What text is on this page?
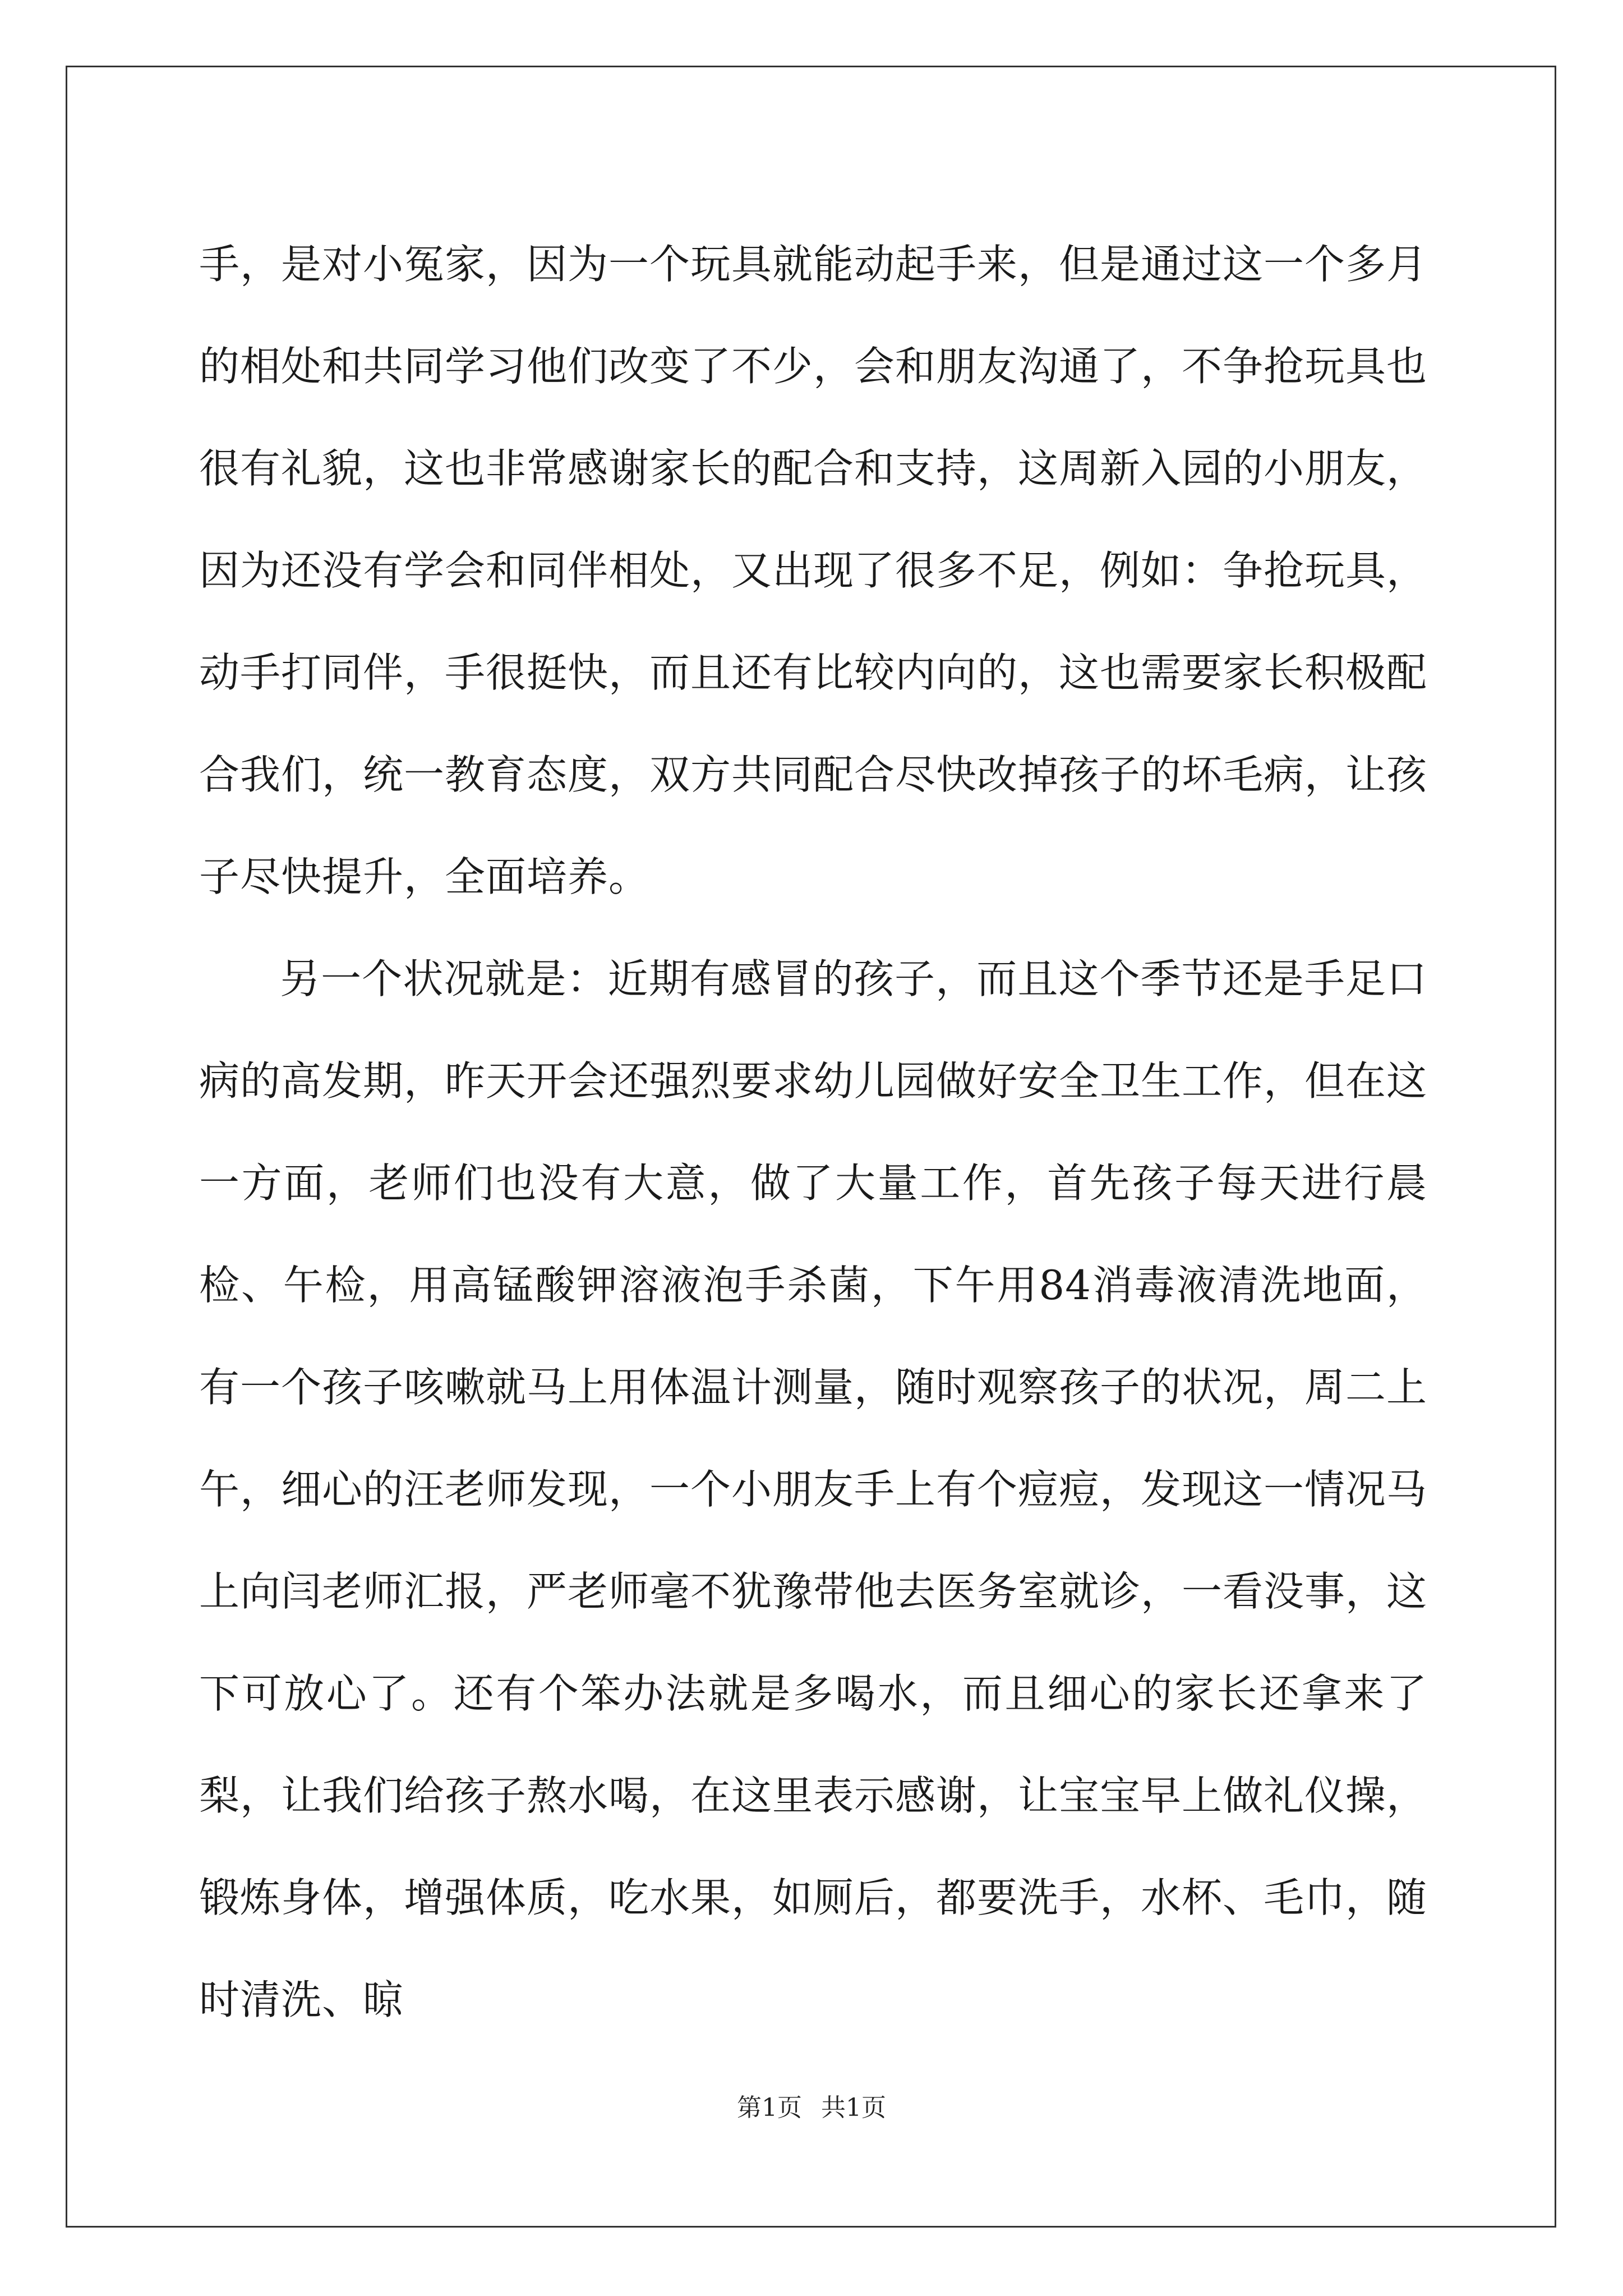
手，是对小冤家，因为一个玩具就能动起手来，但是通过这一个多月的相处和共同学习他们改变了不少，会和朋友沟通了，不争抢玩具也很有礼貌，这也非常感谢家长的配合和支持，这周新入园的小朋友，因为还没有学会和同伴相处，又出现了很多不足，例如：争抢玩具，动手打同伴，手很挺快，而且还有比较内向的，这也需要家长积极配合我们，统一教育态度，双方共同配合尽快改掉孩子的坏毛病，让孩子尽快提升，全面培养。

另一个状况就是：近期有感冒的孩子，而且这个季节还是手足口病的高发期，昨天开会还强烈要求幼儿园做好安全卫生工作，但在这一方面，老师们也没有大意，做了大量工作，首先孩子每天进行晨检、午检，用高锰酸钾溶液泡手杀菌，下午用84消毒液清洗地面，有一个孩子咳嗽就马上用体温计测量，随时观察孩子的状况，周二上午，细心的汪老师发现，一个小朋友手上有个痘痘，发现这一情况马上向闫老师汇报，严老师毫不犹豫带他去医务室就诊，一看没事，这下可放心了。还有个笨办法就是多喝水，而且细心的家长还拿来了梨，让我们给孩子熬水喝，在这里表示感谢，让宝宝早上做礼仪操，锻炼身体，增强体质，吃水果，如厕后，都要洗手，水杯、毛巾，随时清洗、晾

第1页 共1页
